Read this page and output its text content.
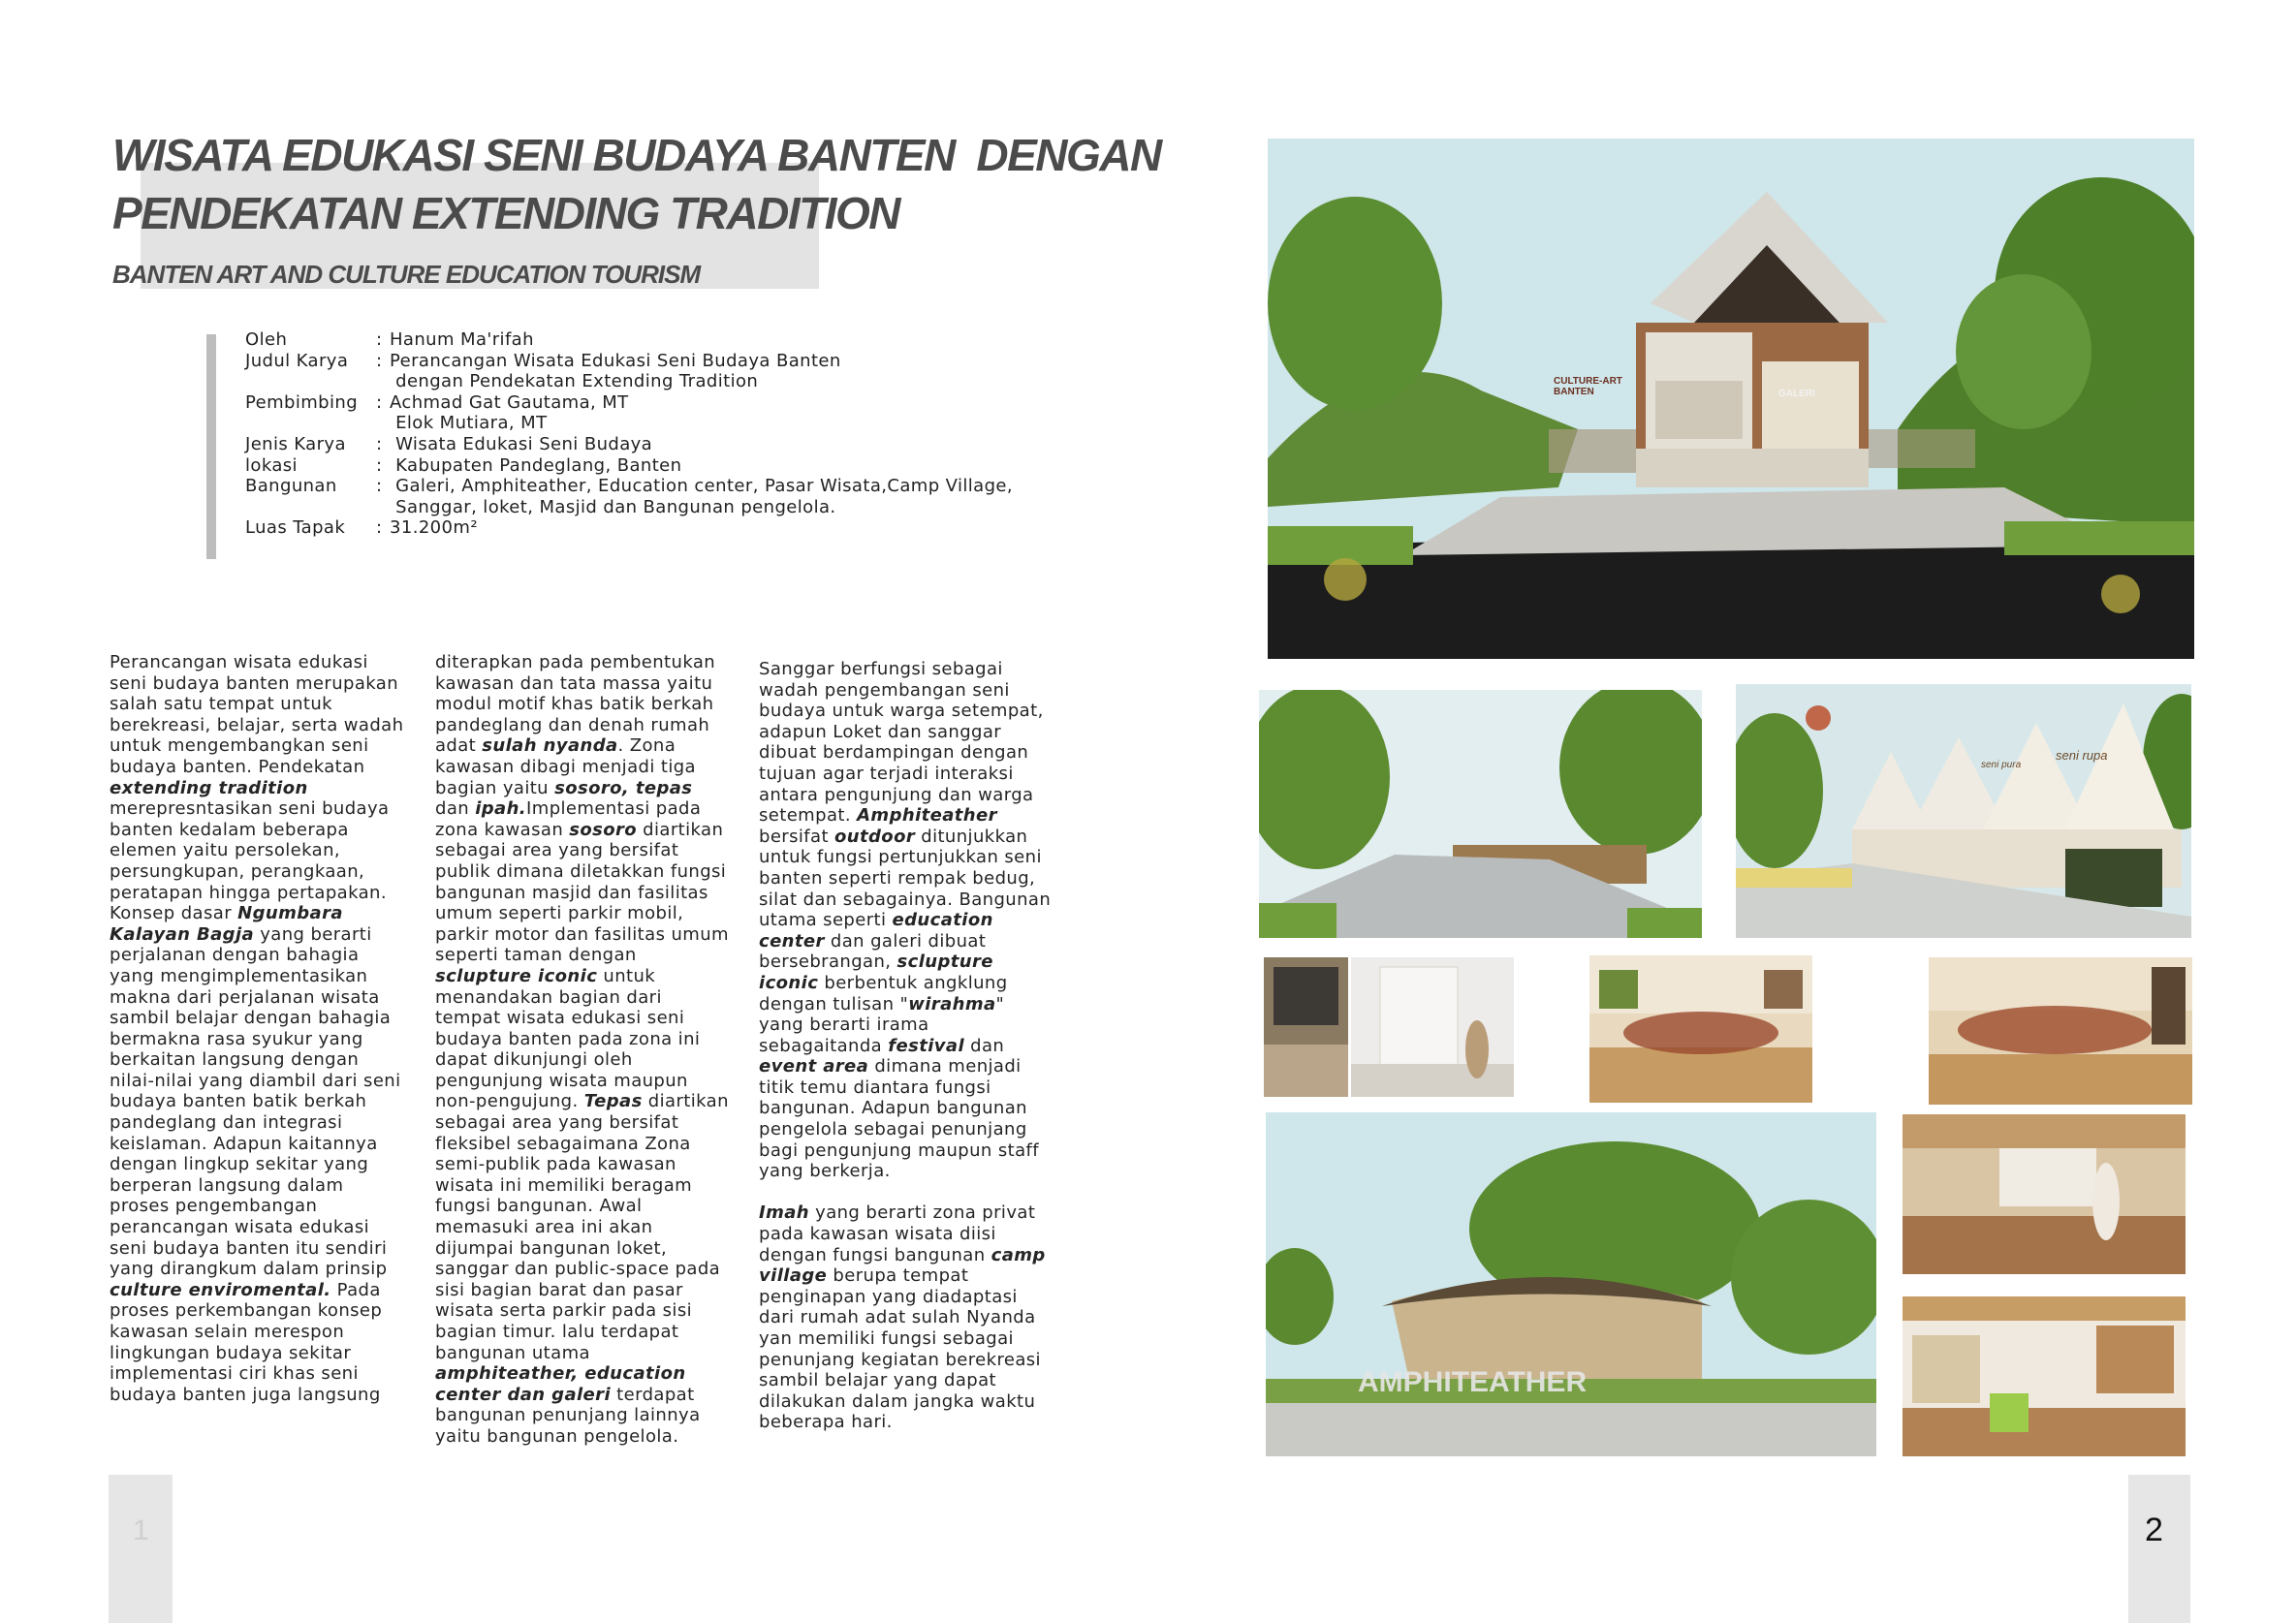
WISATA EDUKASI SENI BUDAYA BANTEN  DENGAN
PENDEKATAN EXTENDING TRADITION
BANTEN ART AND CULTURE EDUCATION TOURISM
Oleh	: Hanum Ma'rifah
Judul Karya	: Perancangan Wisata Edukasi Seni Budaya Banten
dengan Pendekatan Extending Tradition
Pembimbing	: Achmad Gat Gautama, MT
Elok Mutiara, MT
Jenis Karya	: Wisata Edukasi Seni Budaya
lokasi	: Kabupaten Pandeglang, Banten
Bangunan	: Galeri, Amphiteather, Education center, Pasar Wisata,Camp Village,
Sanggar, loket, Masjid dan Bangunan pengelola.
Luas Tapak	: 31.200m²

Perancangan wisata edukasi seni budaya banten merupakan salah satu tempat untuk berekreasi, belajar, serta wadah untuk mengembangkan seni budaya banten. Pendekatan extending tradition merepresntasikan seni budaya banten kedalam beberapa elemen yaitu persolekan, persungkupan, perangkaan, peratapan hingga pertapakan. Konsep dasar Ngumbara Kalayan Bagja yang berarti perjalanan dengan bahagia yang mengimplementasikan makna dari perjalanan wisata sambil belajar dengan bahagia bermakna rasa syukur yang berkaitan langsung dengan nilai-nilai yang diambil dari seni budaya banten batik berkah pandeglang dan integrasi keislaman. Adapun kaitannya dengan lingkup sekitar yang berperan langsung dalam proses pengembangan perancangan wisata edukasi seni budaya banten itu sendiri yang dirangkum dalam prinsip culture enviromental. Pada proses perkembangan konsep kawasan selain merespon lingkungan budaya sekitar implementasi ciri khas seni budaya banten juga langsung

diterapkan pada pembentukan kawasan dan tata massa yaitu modul motif khas batik berkah pandeglang dan denah rumah adat sulah nyanda. Zona kawasan dibagi menjadi tiga bagian yaitu sosoro, tepas dan ipah.Implementasi pada zona kawasan sosoro diartikan sebagai area yang bersifat publik dimana diletakkan fungsi bangunan masjid dan fasilitas umum seperti parkir mobil, parkir motor dan fasilitas umum seperti taman dengan sclupture iconic untuk menandakan bagian dari tempat wisata edukasi seni budaya banten pada zona ini dapat dikunjungi oleh pengunjung wisata maupun non-pengujung. Tepas diartikan sebagai area yang bersifat fleksibel sebagaimana Zona semi-publik pada kawasan wisata ini memiliki beragam fungsi bangunan. Awal memasuki area ini akan dijumpai bangunan loket, sanggar dan public-space pada sisi bagian barat dan pasar wisata serta parkir pada sisi bagian timur. lalu terdapat bangunan utama amphiteather, education center dan galeri terdapat bangunan penunjang lainnya yaitu bangunan pengelola.

Sanggar berfungsi sebagai wadah pengembangan seni budaya untuk warga setempat, adapun Loket dan sanggar dibuat berdampingan dengan tujuan agar terjadi interaksi antara pengunjung dan warga setempat. Amphiteather bersifat outdoor ditunjukkan untuk fungsi pertunjukkan seni banten seperti rempak bedug, silat dan sebagainya. Bangunan utama seperti education center dan galeri dibuat bersebrangan, sclupture iconic berbentuk angklung dengan tulisan "wirahma" yang berarti irama sebagaitanda festival dan event area dimana menjadi titik temu diantara fungsi bangunan. Adapun bangunan pengelola sebagai penunjang bagi pengunjung maupun staff yang berkerja.

Imah yang berarti zona privat pada kawasan wisata diisi dengan fungsi bangunan camp village berupa tempat penginapan yang diadaptasi dari rumah adat sulah Nyanda yan memiliki fungsi sebagai penunjang kegiatan berekreasi sambil belajar yang dapat dilakukan dalam jangka waktu beberapa hari.

CULTURE-ART
BANTEN	GALERI
seni pura
seni rupa
AMPHITEATHER
1	2
